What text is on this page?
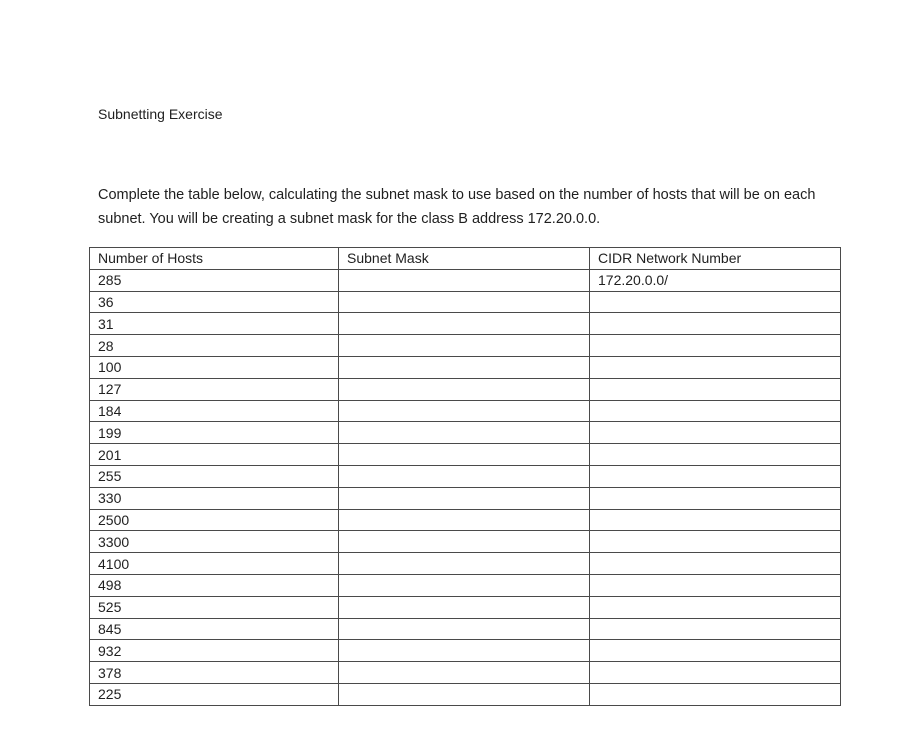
Subnetting Exercise

Complete the table below, calculating the subnet mask to use based on the number of hosts that will be on each subnet. You will be creating a subnet mask for the class B address 172.20.0.0.

Number of Hosts	Subnet Mask	CIDR Network Number
285		172.20.0.0/
36		
31		
28		
100		
127		
184		
199		
201		
255		
330		
2500		
3300		
4100		
498		
525		
845		
932		
378		
225		
